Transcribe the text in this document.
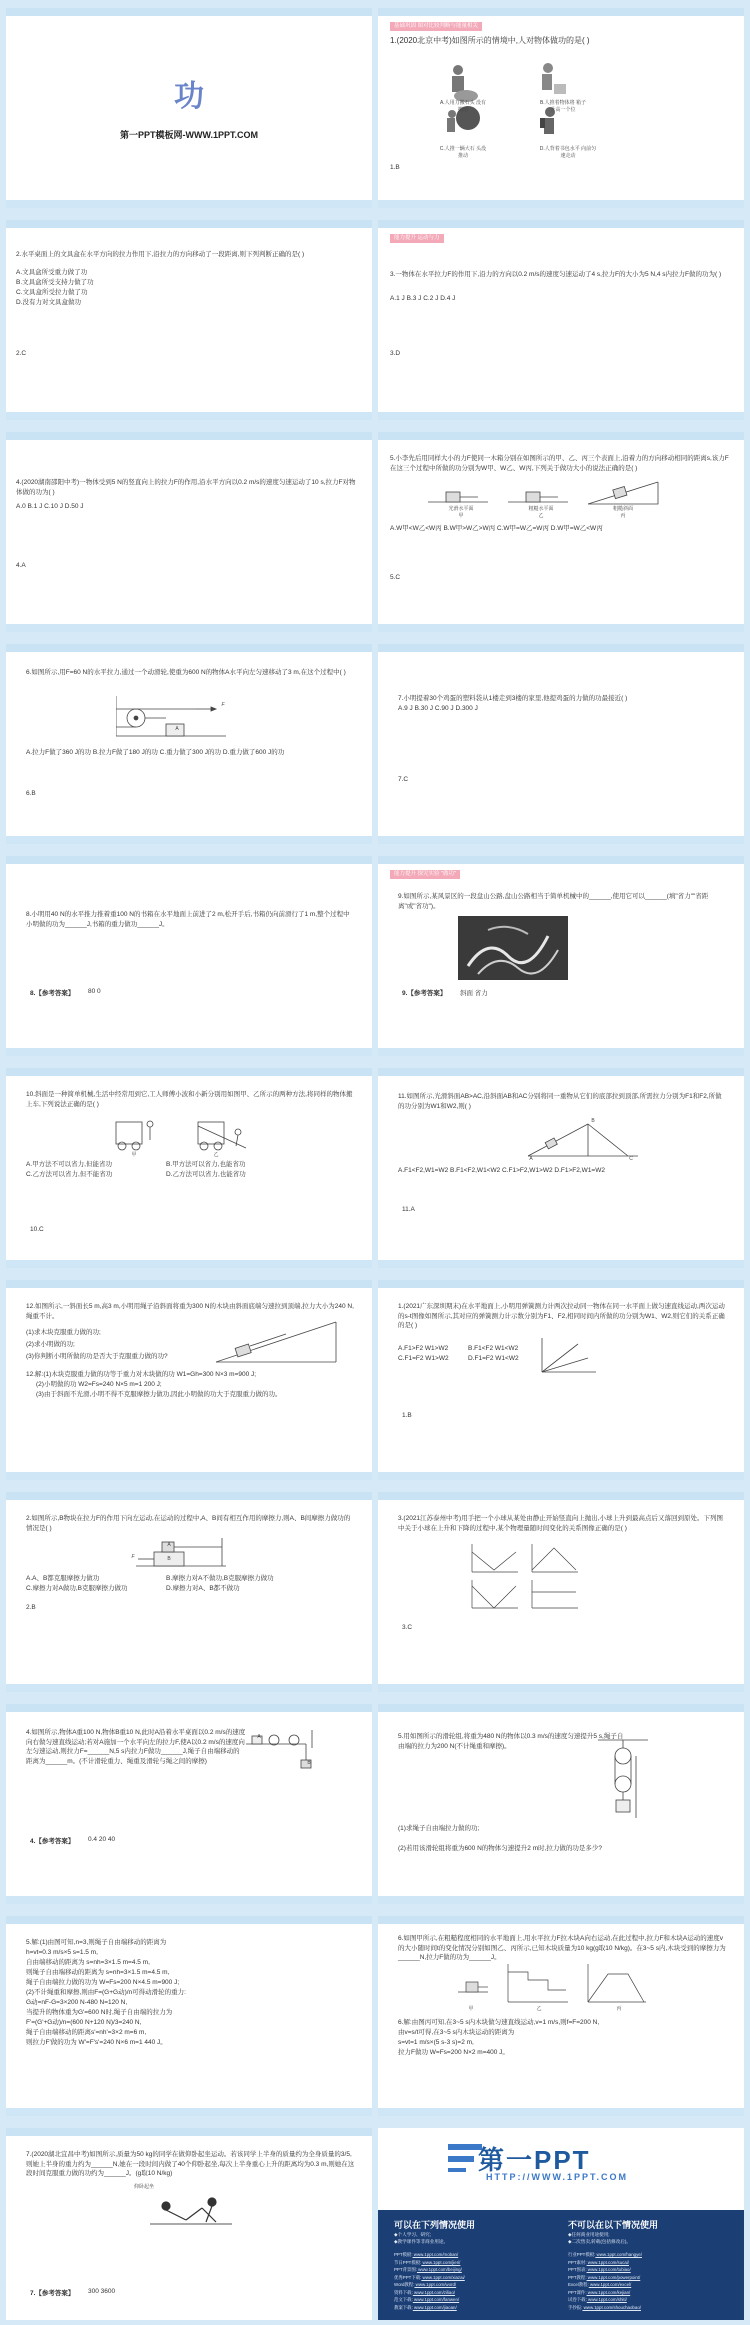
功
第一PPT模板网-WWW.1PPT.COM
基础巩固 图对比较判断与能量相关
1.(2020北京中考)如图所示的情境中,人对物体做功的是( )
A.人用力搬石头 没有搬动
B.人推着物体将 箱子升高一个位
C.人推一辆大石 头没推动
D.人背着书包水平 向前匀速走动
1.B
2.水平桌面上的文具盒在水平方向的拉力作用下,沿拉力的方向移动了一段距离,则下列判断正确的是( )
A.文具盒所受重力做了功
B.文具盒所受支持力做了功
C.文具盒所受拉力做了功
D.没有力对文具盒做功
2.C
能力提升 运动与力
3.一物体在水平拉力F的作用下,沿力的方向以0.2 m/s的速度匀速运动了4 s,拉力F的大小为5 N,4 s内拉力F做的功为( )
A.1 J B.3 J C.2 J D.4 J
3.D
4.(2020湖南邵阳中考)一物体受到5 N的竖直向上的拉力F的作用,沿水平方向以0.2 m/s的速度匀速运动了10 s,拉力F对物体做的功为( )
A.0 B.1 J C.10 J D.50 J
4.A
5.小李先后用同样大小的力F使同一木箱分别在如图所示的甲、乙、丙三个表面上,沿着力的方向移动相同的距离s,该力F在这三个过程中所做的功分别为W甲、W乙、W丙,下列关于做功大小的说法正确的是( )
光滑水平面	粗糙水平面	粗糙斜面
甲	乙	丙
A.W甲<W乙<W丙 B.W甲>W乙>W丙 C.W甲=W乙=W丙 D.W甲=W乙<W丙
5.C
6.如图所示,用F=60 N的水平拉力,通过一个动滑轮,使重为600 N的物体A水平向左匀速移动了3 m,在这个过程中( )
F
A
A.拉力F做了360 J的功 B.拉力F做了180 J的功 C.重力做了300 J的功 D.重力做了600 J的功
6.B
7.小明提着30个鸡蛋的塑料袋从1楼走到3楼的家里,他提鸡蛋的力做的功最接近( )
A.9 J B.30 J C.90 J D.300 J
7.C
8.小明用40 N的水平推力推着重100 N的书箱在水平地面上前进了2 m,松开手后,书箱仍向前滑行了1 m,整个过程中小明做的功为______J,书箱的重力做功______J。
8.【参考答案】 80 0
能力提升 探究实验 "做功"
9.如图所示,某风景区的一段盘山公路,盘山公路相当于简单机械中的______,使用它可以______(填"省力""省距离"或"省功")。
9.【参考答案】 斜面 省力
10.斜面是一种简单机械,生活中经常用到它,工人师傅小波和小新分别用如图甲、乙所示的两种方法,将同样的物体搬上车,下列说法正确的是( )
甲	乙
A.甲方法不可以省力,但能省功	B.甲方法可以省力,也能省功
C.乙方法可以省力,但不能省功	D.乙方法可以省力,也能省功
10.C
11.如图所示,光滑斜面AB>AC,沿斜面AB和AC分别将同一重物从它们的底部拉到顶部,所需拉力分别为F1和F2,所做的功分别为W1和W2,则( )
B
A	C
A.F1<F2,W1=W2 B.F1<F2,W1<W2 C.F1>F2,W1>W2 D.F1>F2,W1=W2
11.A
12.如图所示,一斜面长5 m,高3 m,小明用绳子沿斜面将重为300 N的木块由斜面底端匀速拉到顶端,拉力大小为240 N,绳重不计。
(1)求木块克服重力做的功;
(2)求小明做的功;
(3)你判断小明所做的功是否大于克服重力做的功?
12.解:(1)木块克服重力做的功等于重力对木块做的功 W1=Gh=300 N×3 m=900 J;
(2)小明做的功 W2=Fs=240 N×5 m=1 200 J;
(3)由于斜面不光滑,小明不得不克服摩擦力做功,因此小明做的功大于克服重力做的功。
1.(2021广东深圳期末)在水平地面上,小明用弹簧测力计两次拉动同一物体在同一水平面上做匀速直线运动,两次运动的s-t图像如图所示,其对应的弹簧测力计示数分别为F1、F2,相同时间内所做的功分别为W1、W2,则它们的关系正确的是( )
A.F1>F2 W1>W2	B.F1<F2 W1<W2
C.F1=F2 W1>W2	D.F1=F2 W1<W2
1.B
2.如图所示,B物块在拉力F的作用下向左运动,在运动的过程中,A、B间有相互作用的摩擦力,则A、B间摩擦力做功的情况是( )
F
A
B
A.A、B都克服摩擦力做功	B.摩擦力对A不做功,B克服摩擦力做功
C.摩擦力对A做功,B克服摩擦力做功	D.摩擦力对A、B都不做功
2.B
3.(2021江苏泰州中考)用手把一个小球从某处由静止开始竖直向上抛出,小球上升到最高点后又落回到原处。下列图中关于小球在上升和下降的过程中,某个物理量随时间变化的关系图像正确的是( )
3.C
4.如图所示,物体A重100 N,物体B重10 N,此时A沿着水平桌面以0.2 m/s的速度向右做匀速直线运动;若对A施加一个水平向左的拉力F,使A以0.2 m/s的速度向左匀速运动,则拉力F=______N,5 s内拉力F做功______J,绳子自由端移动的距离为______m。(不计滑轮重力、绳重及滑轮与绳之间的摩擦)
A
B
4.【参考答案】 0.4 20 40
5.用如图所示的滑轮组,将重为480 N的物体以0.3 m/s的速度匀速提升5 s,绳子自由端的拉力为200 N(不计绳重和摩擦)。
(1)求绳子自由端拉力做的功;
(2)若用该滑轮组将重为600 N的物体匀速提升2 m时,拉力做的功是多少?
5.解:(1)由图可知,n=3,则绳子自由端移动的距离为
h=vt=0.3 m/s×5 s=1.5 m,
自由端移动的距离为 s=nh=3×1.5 m=4.5 m,
则绳子自由端移动的距离为 s=nh=3×1.5 m=4.5 m,
绳子自由端拉力做的功为 W=Fs=200 N×4.5 m=900 J;
(2)不计绳重和摩擦,则由F=(G+G动)/n可得动滑轮的重力:
G动=nF-G=3×200 N-480 N=120 N,
当提升的物体重为G'=600 N时,绳子自由端的拉力为
F'=(G'+G动)/n=(600 N+120 N)/3=240 N,
绳子自由端移动的距离s'=nh'=3×2 m=6 m,
则拉力F'做的功为 W'=F's'=240 N×6 m=1 440 J。
6.如图甲所示,在粗糙程度相同的水平地面上,用水平拉力F拉木块A向右运动,在此过程中,拉力F和木块A运动的速度v的大小随时间t的变化情况分别如图乙、丙所示,已知木块质量为10 kg(g取10 N/kg)。在3~5 s内,木块受到的摩擦力为______N,拉力F做的功为______J。
甲	乙	丙
6.解:由图丙可知,在3~5 s内木块做匀速直线运动,v=1 m/s,则f=F=200 N,
由v=s/t可得,在3~5 s内木块运动的距离为
s=vt=1 m/s×(5 s-3 s)=2 m,
拉力F做功 W=Fs=200 N×2 m=400 J。
7.(2020湖北宜昌中考)如图所示,质量为50 kg的同学在做仰卧起坐运动。若该同学上半身的质量约为全身质量的3/5,则她上半身的重力约为______N,她在一段时间内做了40个仰卧起坐,每次上半身重心上升的距离均为0.3 m,则她在这段时间克服重力做的功约为______J。(g取10 N/kg)
仰卧起坐
7.【参考答案】 300 3600
第一PPT
HTTP://WWW.1PPT.COM
可以在下列情况使用
◆个人学习、研究;
◆教学课件等非商业用途。
不可以在以下情况使用
◆任何商业用途使用;
◆二次售卖,转载(包括修改后)。
PPT模板: www.1ppt.com/moban/
节日PPT模板: www.1ppt.com/jieri/
PPT背景图: www.1ppt.com/beijing/
优秀PPT下载: www.1ppt.com/xiazai/
Word教程: www.1ppt.com/word/
资料下载: www.1ppt.com/ziliao/
范文下载: www.1ppt.com/fanwen/
教案下载: www.1ppt.com/jiaoan/
行业PPT模板: www.1ppt.com/hangye/
PPT素材: www.1ppt.com/sucai/
PPT图表: www.1ppt.com/tubiao/
PPT教程: www.1ppt.com/powerpoint/
Excel教程: www.1ppt.com/excel/
PPT课件: www.1ppt.com/kejian/
试卷下载: www.1ppt.com/shiti/
手抄报: www.1ppt.com/shouchaobao/
